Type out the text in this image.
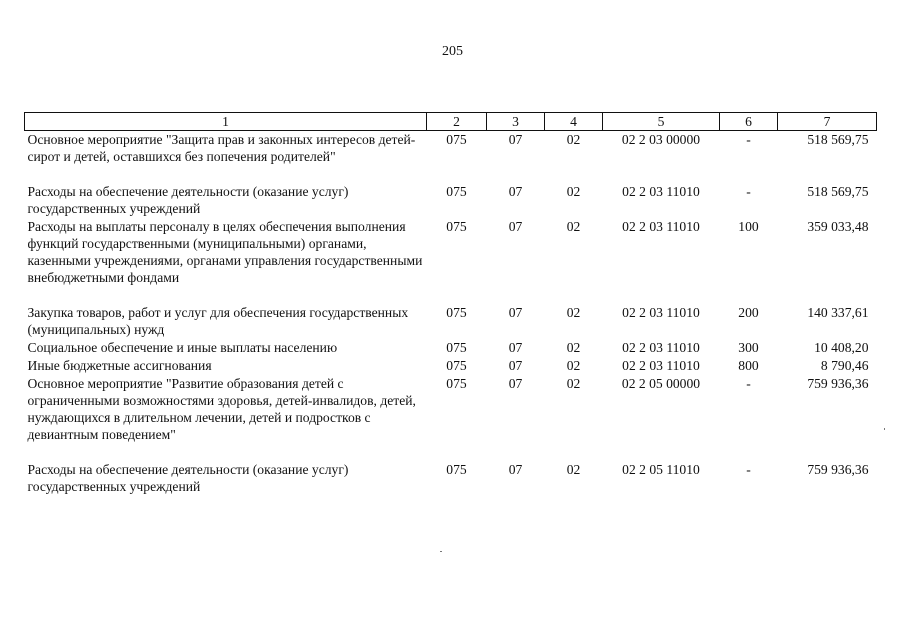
205
1	2	3	4	5	6	7
Основное мероприятие "Защита прав и законных интересов детей-сирот и детей, оставшихся без попечения родителей"	075	07	02	02 2 03 00000	-	518 569,75
Расходы на обеспечение деятельности (оказание услуг) государственных учреждений	075	07	02	02 2 03 11010	-	518 569,75
Расходы на выплаты персоналу в целях обеспечения выполнения функций государственными (муниципальными) органами, казенными учреждениями, органами управления государственными внебюджетными фондами	075	07	02	02 2 03 11010	100	359 033,48
Закупка товаров, работ и услуг для обеспечения государственных (муниципальных) нужд	075	07	02	02 2 03 11010	200	140 337,61
Социальное обеспечение и иные выплаты населению	075	07	02	02 2 03 11010	300	10 408,20
Иные бюджетные ассигнования	075	07	02	02 2 03 11010	800	8 790,46
Основное мероприятие "Развитие образования детей с ограниченными возможностями здоровья, детей-инвалидов, детей, нуждающихся в длительном лечении, детей и подростков с девиантным поведением"	075	07	02	02 2 05 00000	-	759 936,36
Расходы на обеспечение деятельности (оказание услуг) государственных учреждений	075	07	02	02 2 05 11010	-	759 936,36
